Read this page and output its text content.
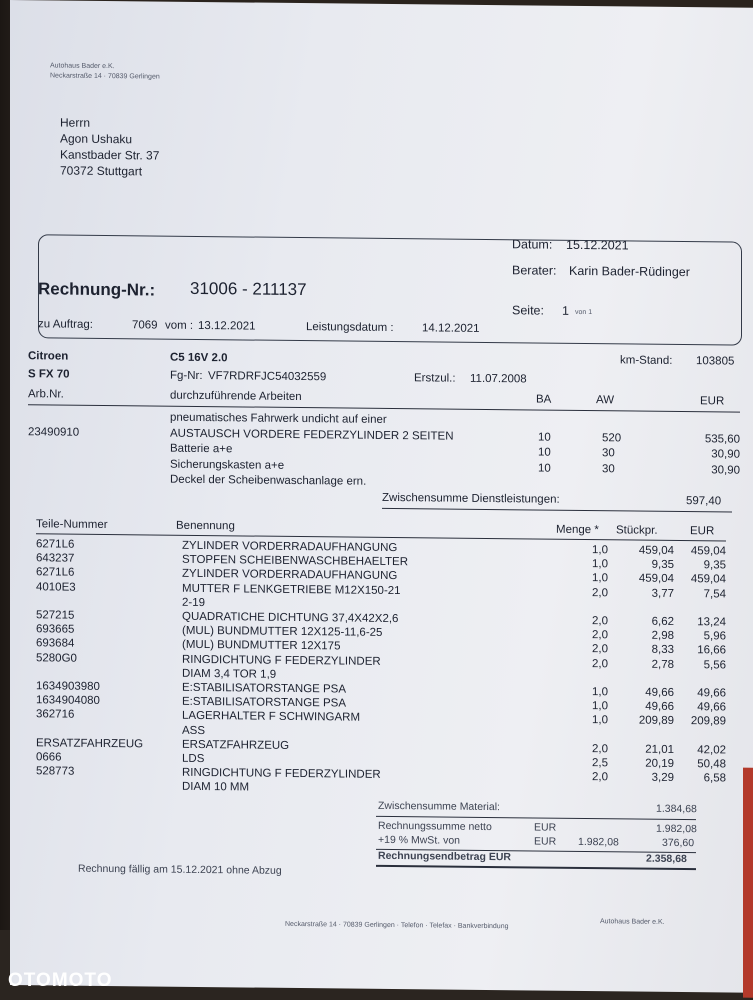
Autohaus Bader e.K.
Neckarstraße 14 · 70839 Gerlingen
Herrn
Agon Ushaku
Kanstbader Str. 37
70372 Stuttgart
Datum: 15.12.2021
Berater: Karin Bader-Rüdinger
Rechnung-Nr.: 31006 - 211137
Seite: 1 von 1
zu Auftrag:	7069 vom : 13.12.2021	Leistungsdatum : 14.12.2021
Citroen	C5 16V 2.0	km-Stand: 103805
S FX 70	Fg-Nr: VF7RDRFJC54032559	Erstzul.: 11.07.2008
Arb.Nr.	durchzuführende Arbeiten	BA	AW	EUR
pneumatisches Fahrwerk undicht auf einer
23490910	AUSTAUSCH VORDERE FEDERZYLINDER 2 SEITEN	10	520	535,60
Batterie a+e	10	30	30,90
Sicherungskasten a+e	10	30	30,90
Deckel der Scheibenwaschanlage ern.
Zwischensumme Dienstleistungen:	597,40
Teile-Nummer	Benennung	Menge * Stückpr.	EUR
6271L6	ZYLINDER VORDERRADAUFHANGUNG	1,0	459,04 459,04
643237	STOPFEN SCHEIBENWASCHBEHAELTER	1,0	9,35	9,35
6271L6	ZYLINDER VORDERRADAUFHANGUNG	1,0	459,04 459,04
4010E3	MUTTER F LENKGETRIEBE M12X150-21	2,0	3,77	7,54
2-19
527215	QUADRATICHE DICHTUNG 37,4X42X2,6	2,0	6,62 13,24
693665	(MUL) BUNDMUTTER 12X125-11,6-25	2,0	2,98	5,96
693684	(MUL) BUNDMUTTER 12X175	2,0	8,33 16,66
5280G0	RINGDICHTUNG F FEDERZYLINDER	2,0	2,78	5,56
DIAM 3,4 TOR 1,9
1634903980	E:STABILISATORSTANGE PSA	1,0	49,66 49,66
1634904080	E:STABILISATORSTANGE PSA	1,0	49,66 49,66
362716	LAGERHALTER F SCHWINGARM	1,0	209,89 209,89
ASS
ERSATZFAHRZEUG	ERSATZFAHRZEUG	2,0	21,01 42,02
0666	LDS	2,5	20,19 50,48
528773	RINGDICHTUNG F FEDERZYLINDER	2,0	3,29	6,58
DIAM 10 MM
Zwischensumme Material:	1.384,68
Rechnungssumme netto	EUR	1.982,08
+19 % MwSt. von	EUR 1.982,08	376,60
Rechnungsendbetrag EUR	2.358,68
Rechnung fällig am 15.12.2021 ohne Abzug
Neckarstraße 14 · 70839 Gerlingen · Telefon · Telefax · Bankverbindung	Autohaus Bader e.K.
OTOMOTO
